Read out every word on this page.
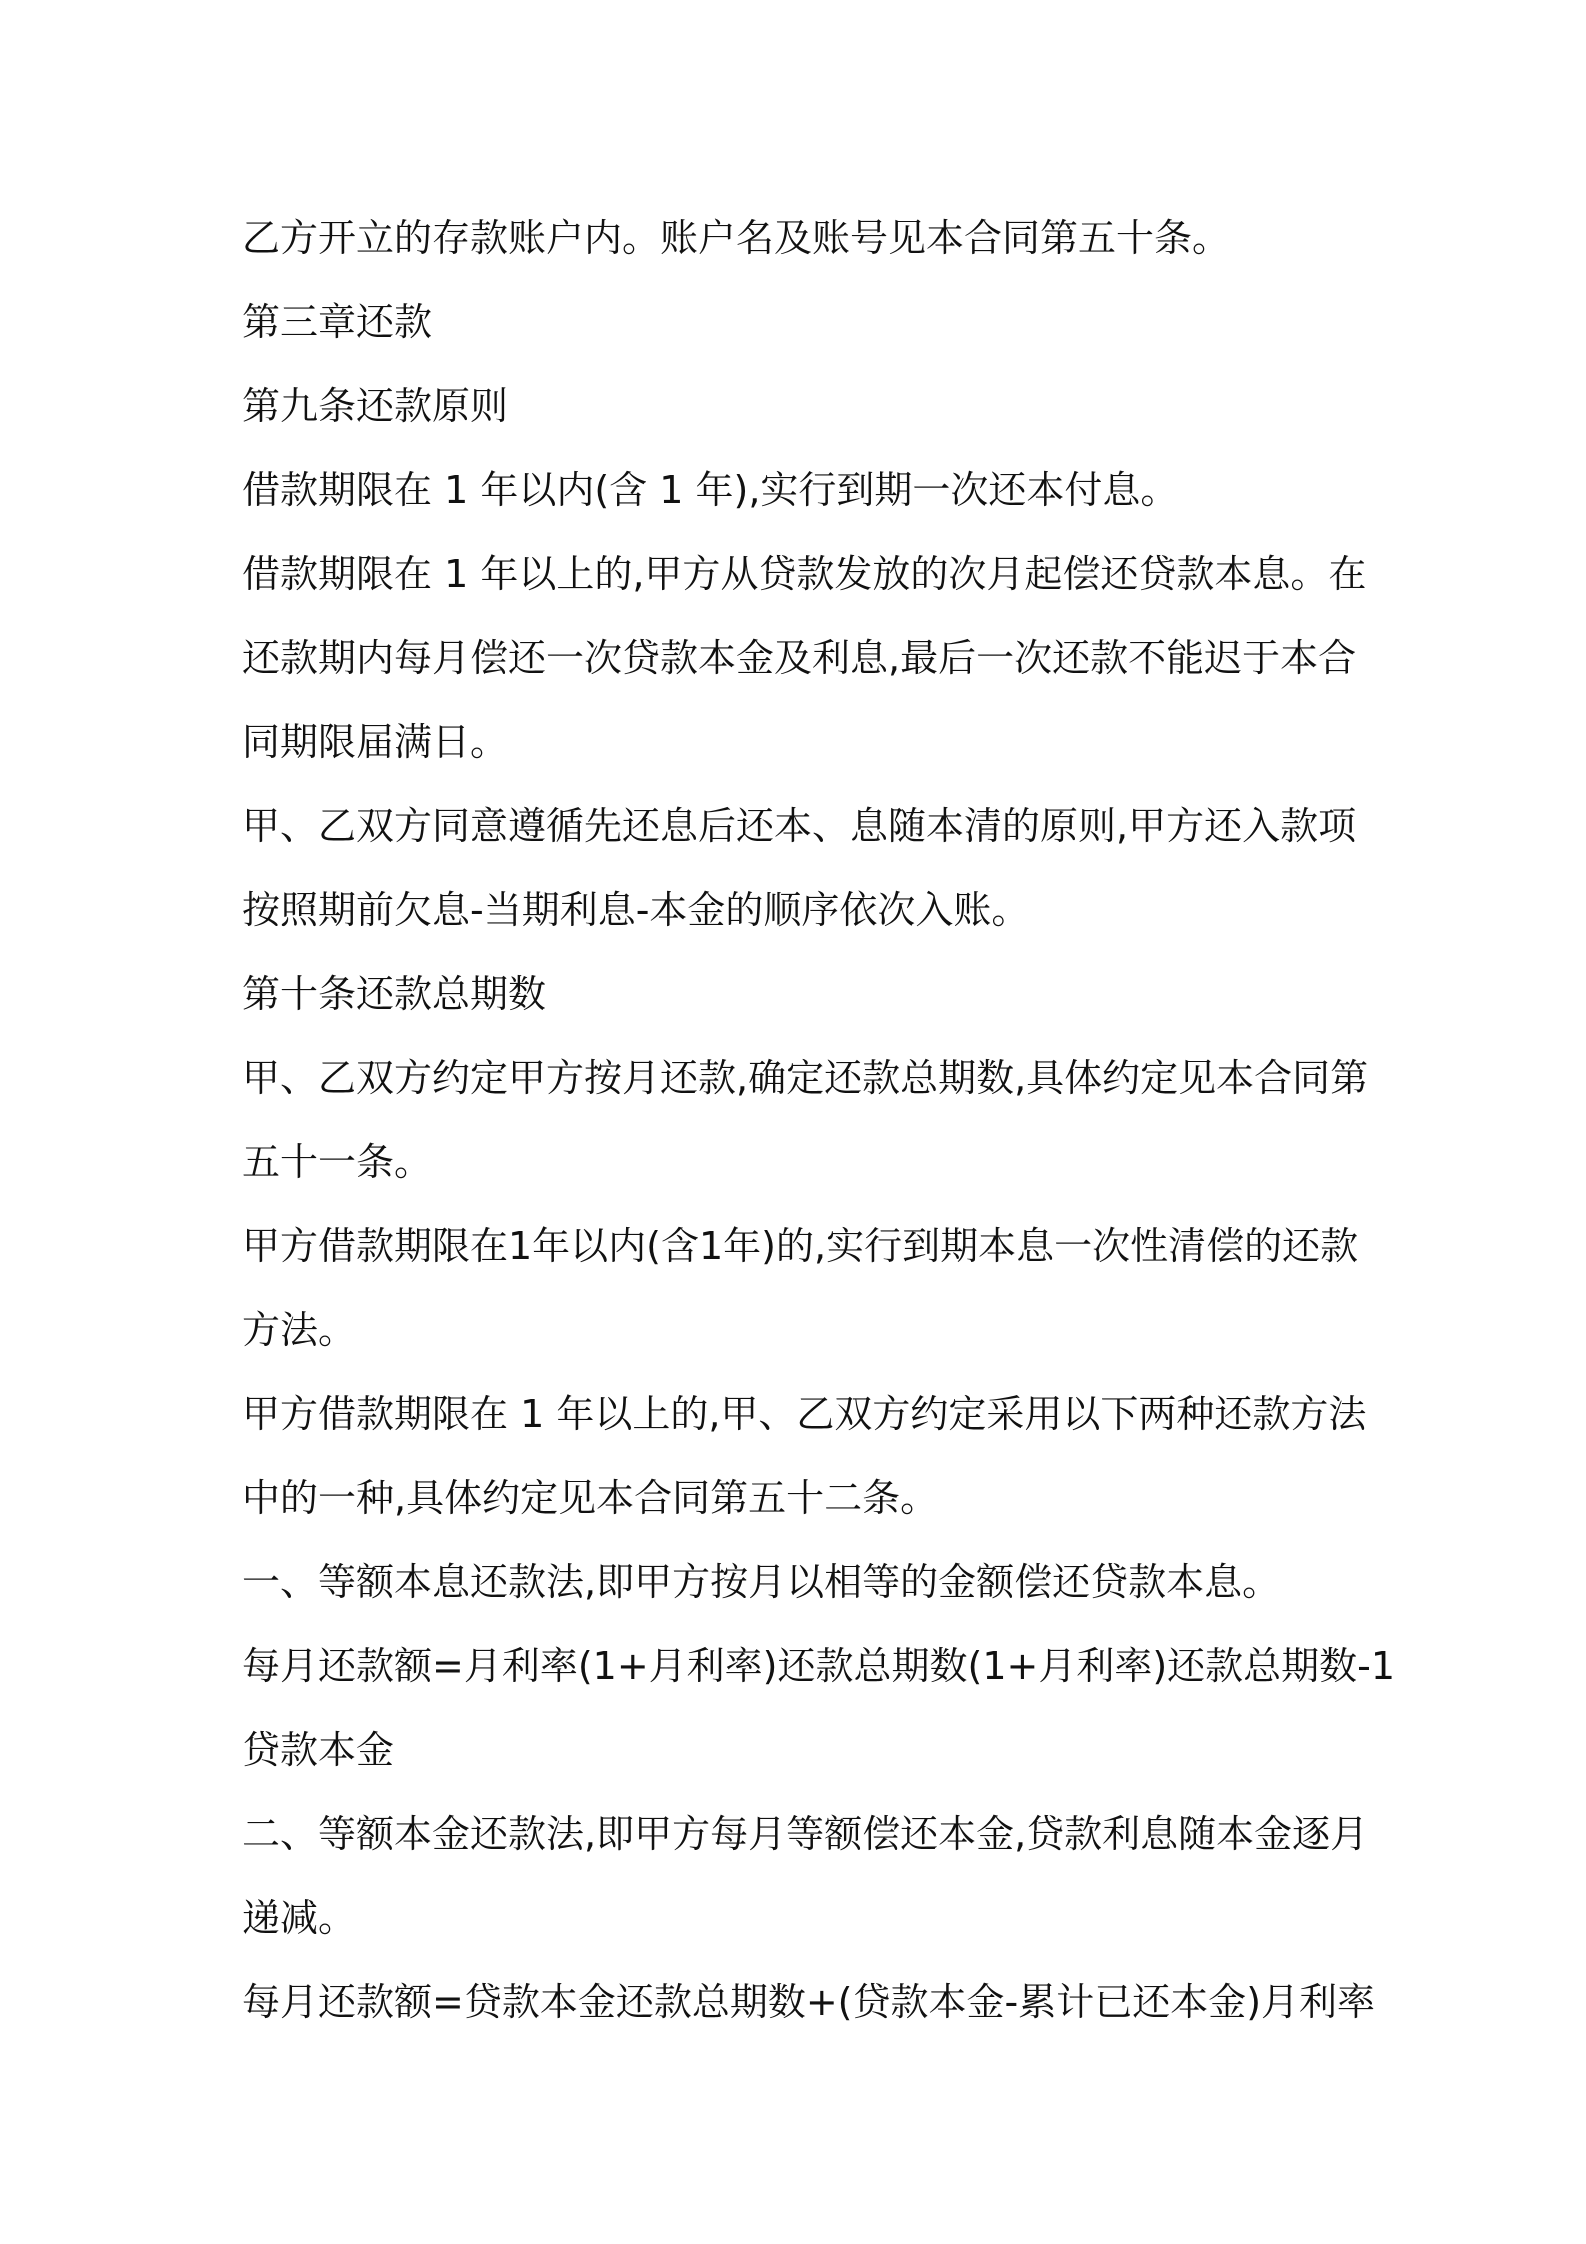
乙方开立的存款账户内。账户名及账号见本合同第五十条。
第三章还款
第九条还款原则
借款期限在 1 年以内(含 1 年),实行到期一次还本付息。
借款期限在 1 年以上的,甲方从贷款发放的次月起偿还贷款本息。在
还款期内每月偿还一次贷款本金及利息,最后一次还款不能迟于本合
同期限届满日。
甲、乙双方同意遵循先还息后还本、息随本清的原则,甲方还入款项
按照期前欠息-当期利息-本金的顺序依次入账。
第十条还款总期数
甲、乙双方约定甲方按月还款,确定还款总期数,具体约定见本合同第
五十一条。
甲方借款期限在1年以内(含1年)的,实行到期本息一次性清偿的还款
方法。
甲方借款期限在 1 年以上的,甲、乙双方约定采用以下两种还款方法
中的一种,具体约定见本合同第五十二条。
一、等额本息还款法,即甲方按月以相等的金额偿还贷款本息。
每月还款额=月利率(1+月利率)还款总期数(1+月利率)还款总期数-1
贷款本金
二、等额本金还款法,即甲方每月等额偿还本金,贷款利息随本金逐月
递减。
每月还款额=贷款本金还款总期数+(贷款本金-累计已还本金)月利率
